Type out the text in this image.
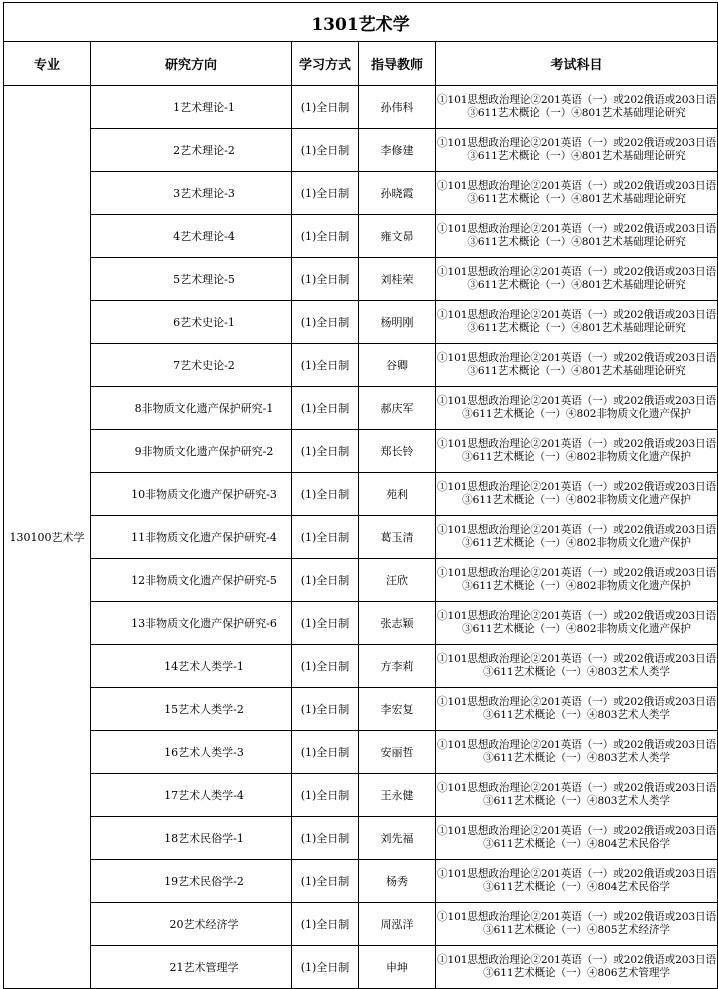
1301艺术学				
专业	研究方向	学习方式	指导教师	考试科目
130100艺术学	1艺术理论-1	(1)全日制	孙伟科	①101思想政治理论②201英语（一）或202俄语或203日语
③611艺术概论（一）④801艺术基础理论研究

	2艺术理论-2	(1)全日制	李修建	①101思想政治理论②201英语（一）或202俄语或203日语
③611艺术概论（一）④801艺术基础理论研究

	3艺术理论-3	(1)全日制	孙晓霞	①101思想政治理论②201英语（一）或202俄语或203日语
③611艺术概论（一）④801艺术基础理论研究

	4艺术理论-4	(1)全日制	雍文昴	①101思想政治理论②201英语（一）或202俄语或203日语
③611艺术概论（一）④801艺术基础理论研究

	5艺术理论-5	(1)全日制	刘桂荣	①101思想政治理论②201英语（一）或202俄语或203日语
③611艺术概论（一）④801艺术基础理论研究

	6艺术史论-1	(1)全日制	杨明刚	①101思想政治理论②201英语（一）或202俄语或203日语
③611艺术概论（一）④801艺术基础理论研究

	7艺术史论-2	(1)全日制	谷卿	①101思想政治理论②201英语（一）或202俄语或203日语
③611艺术概论（一）④801艺术基础理论研究

	8非物质文化遗产保护研究-1	(1)全日制	郝庆军	①101思想政治理论②201英语（一）或202俄语或203日语
③611艺术概论（一）④802非物质文化遗产保护

	9非物质文化遗产保护研究-2	(1)全日制	郑长铃	①101思想政治理论②201英语（一）或202俄语或203日语
③611艺术概论（一）④802非物质文化遗产保护

	10非物质文化遗产保护研究-3	(1)全日制	苑利	①101思想政治理论②201英语（一）或202俄语或203日语
③611艺术概论（一）④802非物质文化遗产保护

	11非物质文化遗产保护研究-4	(1)全日制	葛玉清	①101思想政治理论②201英语（一）或202俄语或203日语
③611艺术概论（一）④802非物质文化遗产保护

	12非物质文化遗产保护研究-5	(1)全日制	汪欣	①101思想政治理论②201英语（一）或202俄语或203日语
③611艺术概论（一）④802非物质文化遗产保护

	13非物质文化遗产保护研究-6	(1)全日制	张志颖	①101思想政治理论②201英语（一）或202俄语或203日语
③611艺术概论（一）④802非物质文化遗产保护

	14艺术人类学-1	(1)全日制	方李莉	①101思想政治理论②201英语（一）或202俄语或203日语
③611艺术概论（一）④803艺术人类学

	15艺术人类学-2	(1)全日制	李宏复	①101思想政治理论②201英语（一）或202俄语或203日语
③611艺术概论（一）④803艺术人类学

	16艺术人类学-3	(1)全日制	安丽哲	①101思想政治理论②201英语（一）或202俄语或203日语
③611艺术概论（一）④803艺术人类学

	17艺术人类学-4	(1)全日制	王永健	①101思想政治理论②201英语（一）或202俄语或203日语
③611艺术概论（一）④803艺术人类学

	18艺术民俗学-1	(1)全日制	刘先福	①101思想政治理论②201英语（一）或202俄语或203日语
③611艺术概论（一）④804艺术民俗学

	19艺术民俗学-2	(1)全日制	杨秀	①101思想政治理论②201英语（一）或202俄语或203日语
③611艺术概论（一）④804艺术民俗学

	20艺术经济学	(1)全日制	周泓洋	①101思想政治理论②201英语（一）或202俄语或203日语
③611艺术概论（一）④805艺术经济学

	21艺术管理学	(1)全日制	申坤	①101思想政治理论②201英语（一）或202俄语或203日语
③611艺术概论（一）④806艺术管理学
